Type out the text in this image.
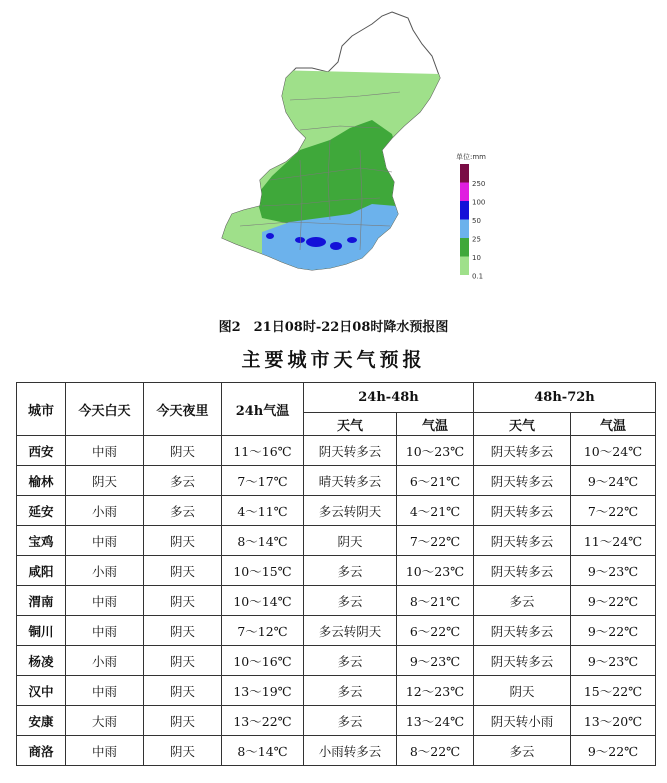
单位:mm
250
100
50
25
10
0.1
图2　21日08时-22日08时降水预报图
主要城市天气预报
城市	今天白天	今天夜里	24h气温	24h-48h		48h-72h	
				天气	气温	天气	气温
西安	中雨	阴天	11～16℃	阴天转多云	10～23℃	阴天转多云	10～24℃
榆林	阴天	多云	7～17℃	晴天转多云	6～21℃	阴天转多云	9～24℃
延安	小雨	多云	4～11℃	多云转阴天	4～21℃	阴天转多云	7～22℃
宝鸡	中雨	阴天	8～14℃	阴天	7～22℃	阴天转多云	11～24℃
咸阳	小雨	阴天	10～15℃	多云	10～23℃	阴天转多云	9～23℃
渭南	中雨	阴天	10～14℃	多云	8～21℃	多云	9～22℃
铜川	中雨	阴天	7～12℃	多云转阴天	6～22℃	阴天转多云	9～22℃
杨凌	小雨	阴天	10～16℃	多云	9～23℃	阴天转多云	9～23℃
汉中	中雨	阴天	13～19℃	多云	12～23℃	阴天	15～22℃
安康	大雨	阴天	13～22℃	多云	13～24℃	阴天转小雨	13～20℃
商洛	中雨	阴天	8～14℃	小雨转多云	8～22℃	多云	9～22℃
